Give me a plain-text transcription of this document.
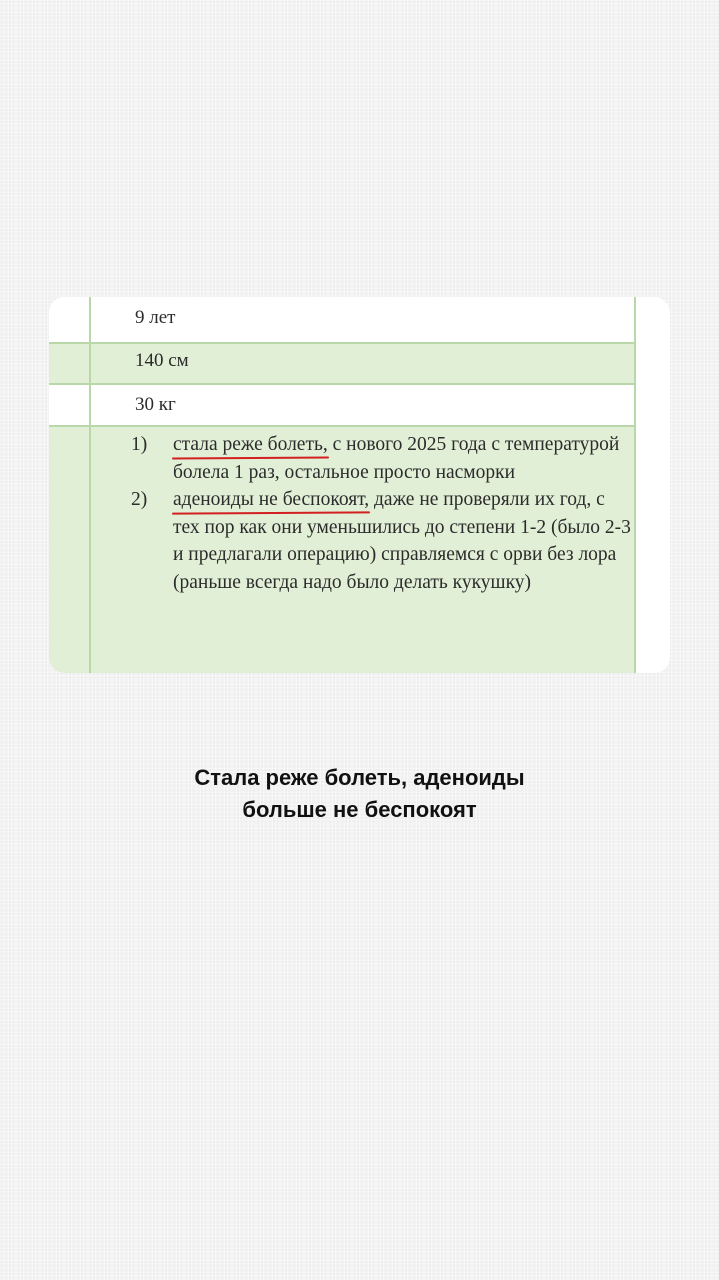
9 лет
140 см
30 кг
1) стала реже болеть, с нового 2025 года с температурой болела 1 раз, остальное просто насморки
2) аденоиды не беспокоят, даже не проверяли их год, с тех пор как они уменьшились до степени 1-2 (было 2-3 и предлагали операцию) справляемся с орви без лора (раньше всегда надо было делать кукушку)
Стала реже болеть, аденоиды
больше не беспокоят
